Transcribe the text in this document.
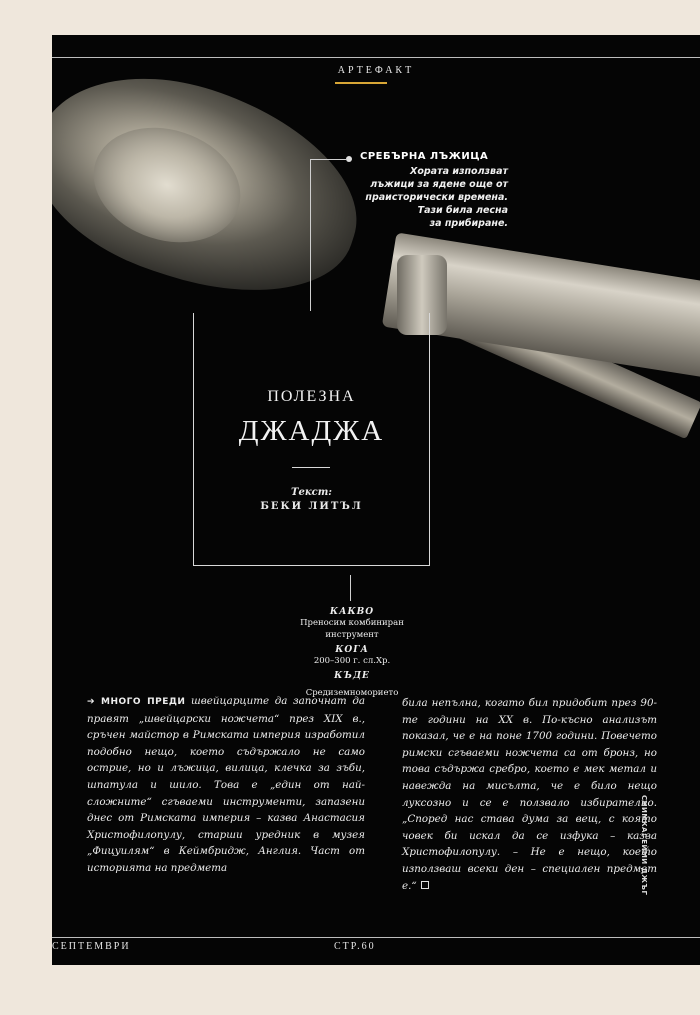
АРТЕФАКТ
СРЕБЪРНА ЛЪЖИЦА
Хората използват
лъжици за ядене още от
праисторически времена.
Тази била лесна
за прибиране.
ПОЛЕЗНА
ДЖАДЖА
Текст:
БЕКИ ЛИТЪЛ
КАКВО
Преносим комбиниран инструмент
КОГА
200–300 г. сл.Хр.
КЪДЕ
Средиземноморието

➔ МНОГО ПРЕДИ швейцарците да започнат да правят „швейцарски ножчета“ през XIX в., сръчен майстор в Римската империя изработил подобно нещо, което съдържало не само острие, но и лъжица, вилица, клечка за зъби, шпатула и шило. Това е „един от най-сложните“ сгъваеми инструменти, запазени днес от Римската империя – казва Анастасия Христофилопулу, старши уредник в музея „Фицуилям“ в Кеймбридж, Англия. Част от историята на предмета

била непълна, когато бил придобит през 90-те години на XX в. По-късно анализът показал, че е на поне 1700 години. Повечето римски сгъваеми ножчета са от бронз, но това съдържа сребро, което е мек метал и навежда на мисълта, че е било нещо луксозно и се е ползвало избирателно. „Според нас става дума за вещ, с която човек би искал да се изфука – казва Христофилопулу. – Не е нещо, което използваш всеки ден – специален предмет е.“	СНИМКА: ЕЙМИ ДЖЪГ
СЕПТЕМВРИ	СТР.60
